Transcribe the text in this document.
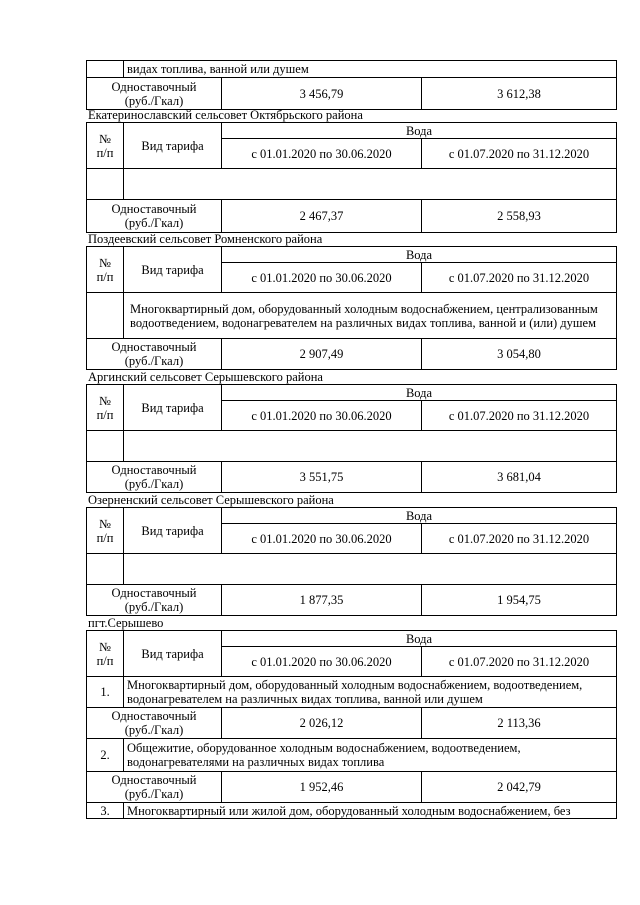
	видах топлива, ванной или душем		
Одноставочный
(руб./Гкал)		3 456,79	3 612,38
Екатеринославский сельсовет Октябрьского района
№
п/п	Вид тарифа	Вода	
		с 01.01.2020 по 30.06.2020	с 01.07.2020 по 31.12.2020

Одноставочный
(руб./Гкал)		2 467,37	2 558,93
Поздеевский сельсовет Ромненского района
№
п/п	Вид тарифа	Вода	
		с 01.01.2020 по 30.06.2020	с 01.07.2020 по 31.12.2020
	Многоквартирный дом, оборудованный холодным водоснабжением, централизованным водоотведением, водонагревателем на различных видах топлива, ванной и (или) душем		
Одноставочный
(руб./Гкал)		2 907,49	3 054,80
Аргинский сельсовет Серышевского района
№
п/п	Вид тарифа	Вода	
		с 01.01.2020 по 30.06.2020	с 01.07.2020 по 31.12.2020

Одноставочный
(руб./Гкал)		3 551,75	3 681,04
Озерненский сельсовет Серышевского района
№
п/п	Вид тарифа	Вода	
		с 01.01.2020 по 30.06.2020	с 01.07.2020 по 31.12.2020

Одноставочный
(руб./Гкал)		1 877,35	1 954,75
пгт.Серышево
№
п/п	Вид тарифа	Вода	
		с 01.01.2020 по 30.06.2020	с 01.07.2020 по 31.12.2020
1.	Многоквартирный дом, оборудованный холодным водоснабжением, водоотведением, водонагревателем на различных видах топлива, ванной или душем		
Одноставочный
(руб./Гкал)		2 026,12	2 113,36
2.	Общежитие, оборудованное холодным водоснабжением, водоотведением, водонагревателями на различных видах топлива		
Одноставочный
(руб./Гкал)		1 952,46	2 042,79
3.	Многоквартирный или жилой дом, оборудованный холодным водоснабжением, без		
